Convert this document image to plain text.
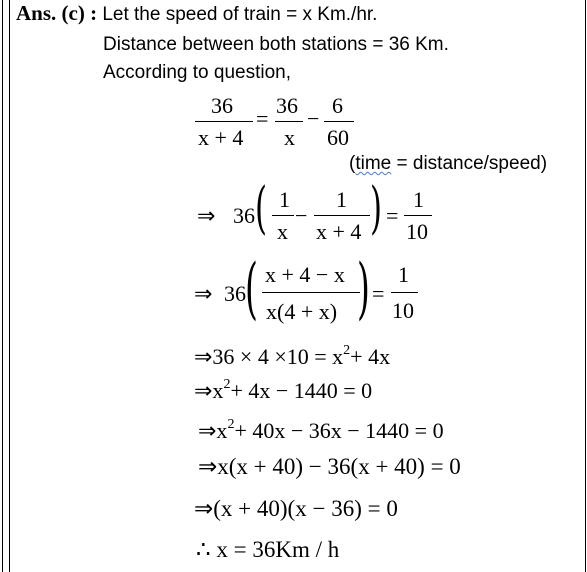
Ans. (c) : Let the speed of train = x Km./hr.
Distance between both stations = 36 Km.
According to question,
36
x + 4
=
36
x
−
6
60
(time = distance/speed)
⇒ 36 ( 1
x
−
1
x + 4 ) =
1
10
⇒ 36 ( x + 4 − x
x(4 + x) ) =
1
10
⇒36 × 4 ×10 = x2+ 4x
⇒x2+ 4x − 1440 = 0
⇒x2+ 40x − 36x − 1440 = 0
⇒x(x + 40) − 36(x + 40) = 0
⇒(x + 40)(x − 36) = 0
∴ x = 36Km / h
